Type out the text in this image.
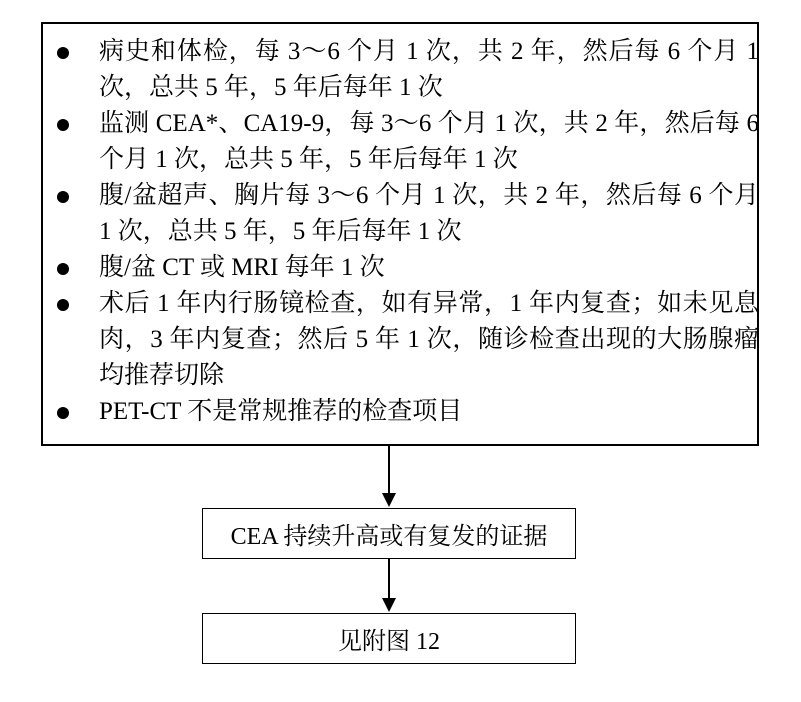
病史和体检，每 3～6 个月 1 次，共 2 年，然后每 6 个月 1 次，总共 5 年，5 年后每年 1 次
监测 CEA*、CA19-9，每 3～6 个月 1 次，共 2 年，然后每 6 个月 1 次，总共 5 年，5 年后每年 1 次
腹/盆超声、胸片每 3～6 个月 1 次，共 2 年，然后每 6 个月 1 次，总共 5 年，5 年后每年 1 次
腹/盆 CT 或 MRI 每年 1 次
术后 1 年内行肠镜检查，如有异常，1 年内复查；如未见息肉，3 年内复查；然后 5 年 1 次，随诊检查出现的大肠腺瘤均推荐切除
PET-CT 不是常规推荐的检查项目
CEA 持续升高或有复发的证据
见附图 12
